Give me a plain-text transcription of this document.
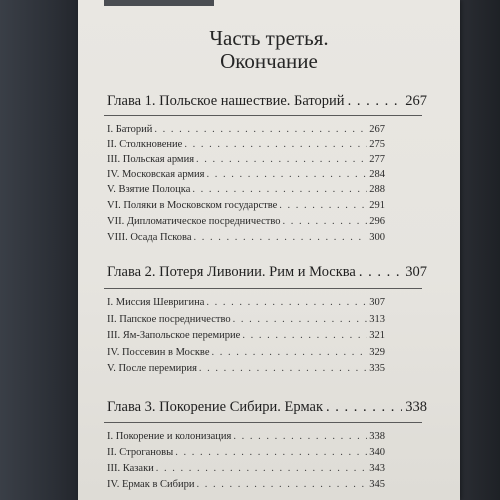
Часть третья.
Окончание
Глава 1. Польское нашествие. Баторий . . .	267
I. Баторий . . .	267
II. Столкновение . . .	275
III. Польская армия . . .	277
IV. Московская армия . . .	284
V. Взятие Полоцка . . .	288
VI. Поляки в Московском государстве . . .	291
VII. Дипломатическое посредничество . . .	296
VIII. Осада Пскова . . .	300
Глава 2. Потеря Ливонии. Рим и Москва . . .	307
I. Миссия Шевригина . . .	307
II. Папское посредничество . . .	313
III. Ям-Запольское перемирие . . .	321
IV. Поссевин в Москве . . .	329
V. После перемирия . . .	335
Глава 3. Покорение Сибири. Ермак . . .	338
I. Покорение и колонизация . . .	338
II. Строгановы . . .	340
III. Казаки . . .	343
IV. Ермак в Сибири . . .	345
